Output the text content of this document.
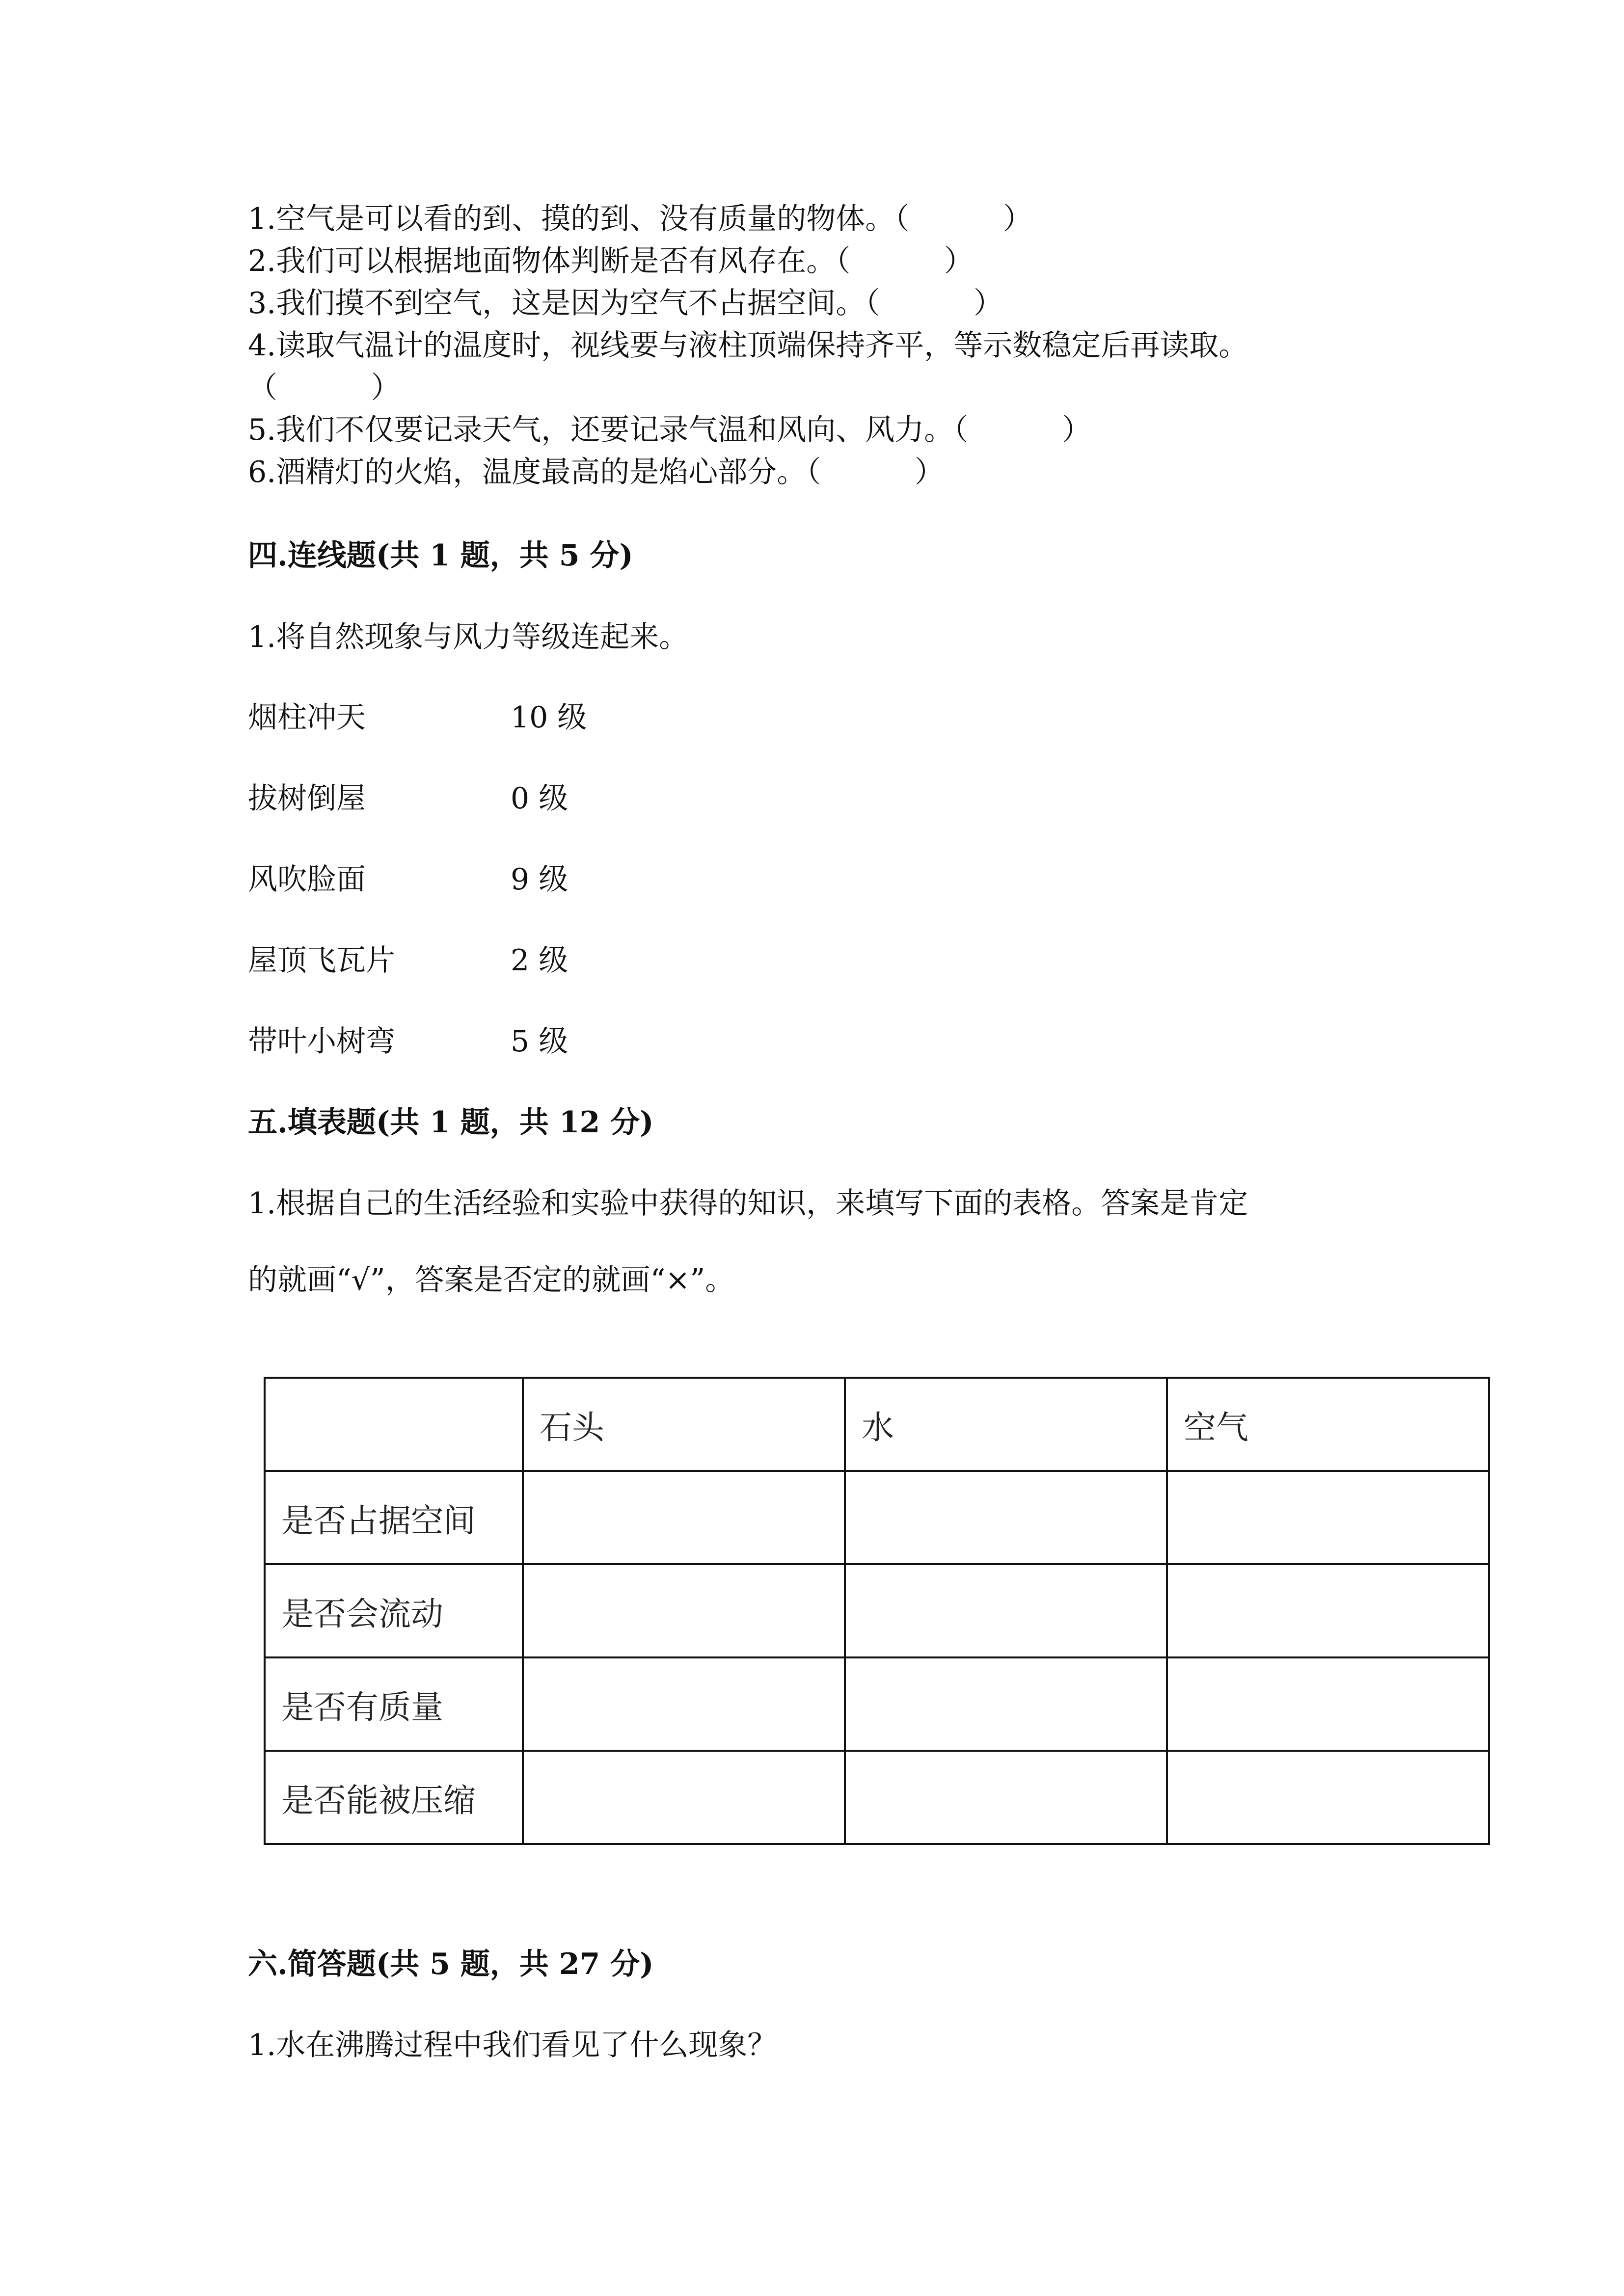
1.空气是可以看的到、摸的到、没有质量的物体。（          ）
2.我们可以根据地面物体判断是否有风存在。（          ）
3.我们摸不到空气，这是因为空气不占据空间。（          ）
4.读取气温计的温度时，视线要与液柱顶端保持齐平，等示数稳定后再读取。
（          ）
5.我们不仅要记录天气，还要记录气温和风向、风力。（          ）
6.酒精灯的火焰，温度最高的是焰心部分。（          ）
四.连线题(共 1 题，共 5 分)
1.将自然现象与风力等级连起来。
烟柱冲天	10 级
拔树倒屋	0 级
风吹脸面	9 级
屋顶飞瓦片	2 级
带叶小树弯	5 级
五.填表题(共 1 题，共 12 分)
1.根据自己的生活经验和实验中获得的知识，来填写下面的表格。答案是肯定
的就画“√”，答案是否定的就画“×”。
	石头	水	空气
是否占据空间			
是否会流动			
是否有质量			
是否能被压缩			
六.简答题(共 5 题，共 27 分)
1.水在沸腾过程中我们看见了什么现象？
